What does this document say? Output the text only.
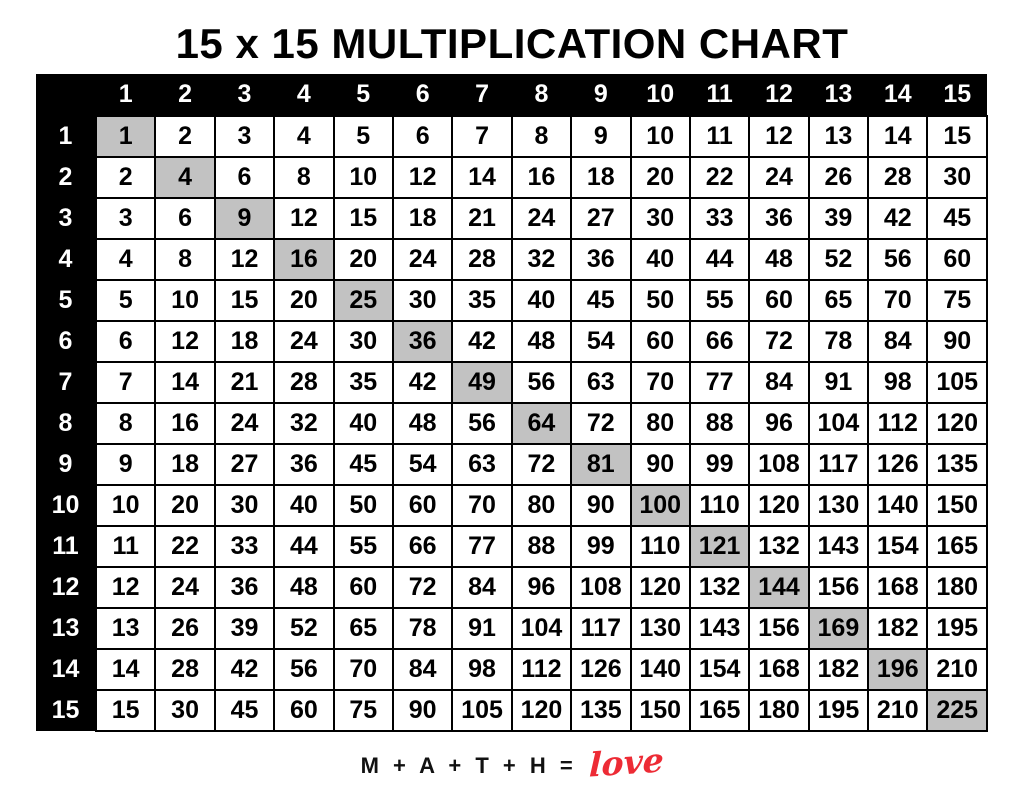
15 x 15 MULTIPLICATION CHART
	1	2	3	4	5	6	7	8	9	10	11	12	13	14	15
1	1	2	3	4	5	6	7	8	9	10	11	12	13	14	15
2	2	4	6	8	10	12	14	16	18	20	22	24	26	28	30
3	3	6	9	12	15	18	21	24	27	30	33	36	39	42	45
4	4	8	12	16	20	24	28	32	36	40	44	48	52	56	60
5	5	10	15	20	25	30	35	40	45	50	55	60	65	70	75
6	6	12	18	24	30	36	42	48	54	60	66	72	78	84	90
7	7	14	21	28	35	42	49	56	63	70	77	84	91	98	105
8	8	16	24	32	40	48	56	64	72	80	88	96	104	112	120
9	9	18	27	36	45	54	63	72	81	90	99	108	117	126	135
10	10	20	30	40	50	60	70	80	90	100	110	120	130	140	150
11	11	22	33	44	55	66	77	88	99	110	121	132	143	154	165
12	12	24	36	48	60	72	84	96	108	120	132	144	156	168	180
13	13	26	39	52	65	78	91	104	117	130	143	156	169	182	195
14	14	28	42	56	70	84	98	112	126	140	154	168	182	196	210
15	15	30	45	60	75	90	105	120	135	150	165	180	195	210	225
M + A + T + H = love
